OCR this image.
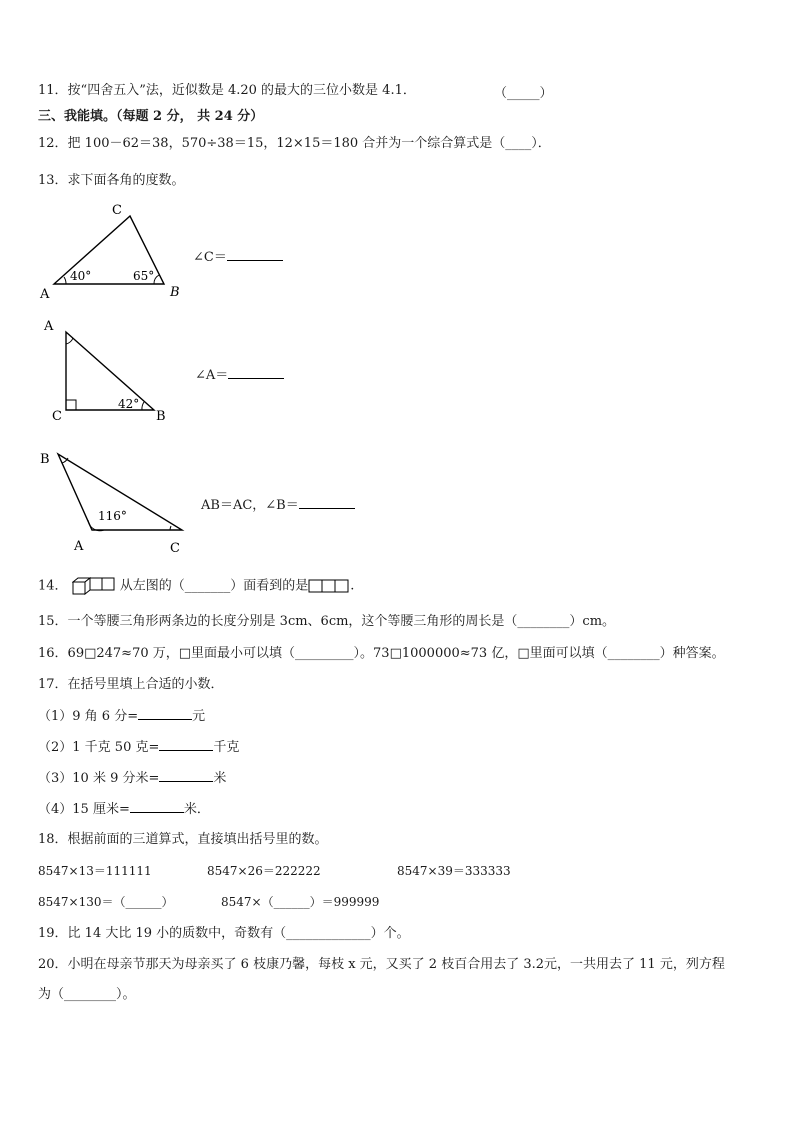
11．按“四舍五入”法，近似数是 4.20 的最大的三位小数是 4.1．	（_____）
三、我能填。（每题 2 分， 共 24 分）
12．把 100－62＝38，570÷38＝15，12×15＝180 合并为一个综合算式是（____）．
13．求下面各角的度数。
C
A	B
40°	65°
∠C＝
A
C	B
42°
∠A＝
B
A	C
116°
AB＝AC，∠B＝
14．	从左图的（_______）面看到的是	.
15．一个等腰三角形两条边的长度分别是 3cm、6cm，这个等腰三角形的周长是（________）cm。
16．69□247≈70 万，□里面最小可以填（_________）。73□1000000≈73 亿，□里面可以填（________）种答案。
17．在括号里填上合适的小数．
（1）9 角 6 分=	元
（2）1 千克 50 克=	千克
（3）10 米 9 分米=	米
（4）15 厘米=	米．
18．根据前面的三道算式，直接填出括号里的数。
8547×13＝111111	8547×26＝222222	8547×39＝333333
8547×130＝（______）	8547×（______）＝999999
19．比 14 大比 19 小的质数中，奇数有（_____________）个。
20．小明在母亲节那天为母亲买了 6 枝康乃馨，每枝 x 元，又买了 2 枝百合用去了 3.2元，一共用去了 11 元，列方程
为（________）。
